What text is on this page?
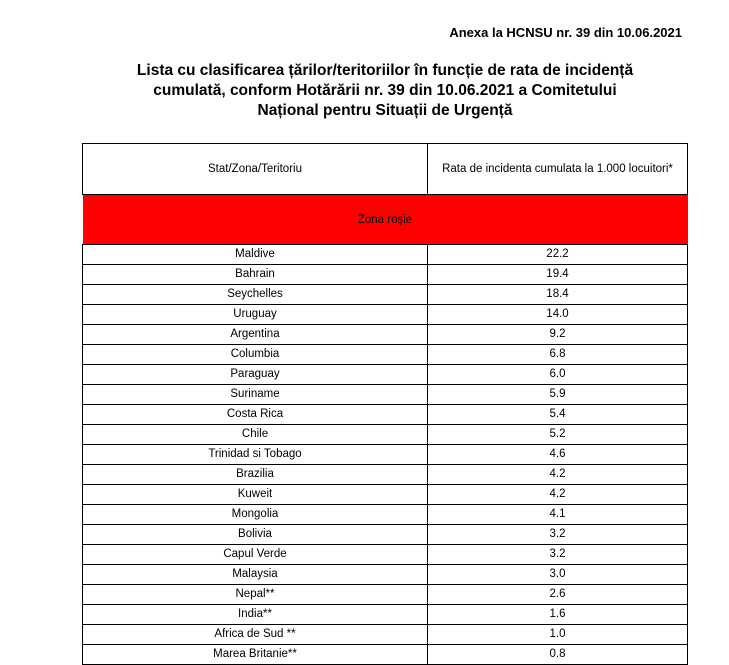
Anexa la HCNSU nr. 39 din 10.06.2021
Lista cu clasificarea țărilor/teritoriilor în funcție de rata de incidență
cumulată, conform Hotărării nr. 39 din 10.06.2021 a Comitetului
Național pentru Situații de Urgență
Stat/Zona/Teritoriu	Rata de incidenta cumulata la 1.000 locuitori*
Zona roșie	
Maldive	22.2
Bahrain	19.4
Seychelles	18.4
Uruguay	14.0
Argentina	9.2
Columbia	6.8
Paraguay	6.0
Suriname	5.9
Costa Rica	5.4
Chile	5.2
Trinidad si Tobago	4.6
Brazilia	4.2
Kuweit	4.2
Mongolia	4.1
Bolivia	3.2
Capul Verde	3.2
Malaysia	3.0
Nepal**	2.6
India**	1.6
Africa de Sud **	1.0
Marea Britanie**	0.8
